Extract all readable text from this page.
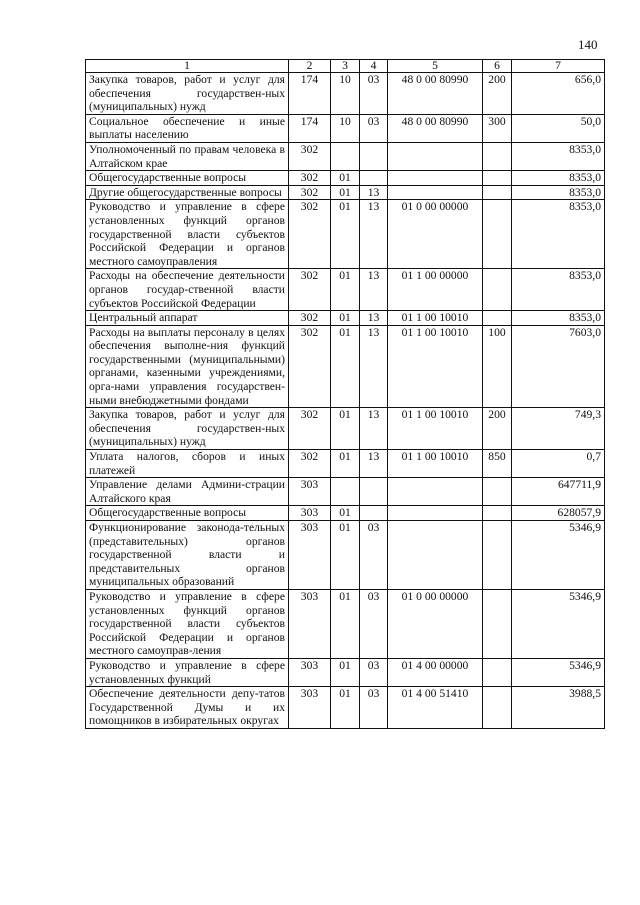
140
1	2	3	4	5	6	7
Закупка товаров, работ и услуг для обеспечения государствен-ных (муниципальных) нужд	174	10	03	48 0 00 80990	200	656,0
Социальное обеспечение и иные выплаты населению	174	10	03	48 0 00 80990	300	50,0
Уполномоченный по правам человека в Алтайском крае	302					8353,0
Общегосударственные вопросы	302	01				8353,0
Другие общегосударственные вопросы	302	01	13			8353,0
Руководство и управление в сфере установленных функций органов государственной власти субъектов Российской Федерации и органов местного самоуправления	302	01	13	01 0 00 00000		8353,0
Расходы на обеспечение деятельности органов государ-ственной власти субъектов Российской Федерации	302	01	13	01 1 00 00000		8353,0
Центральный аппарат	302	01	13	01 1 00 10010		8353,0
Расходы на выплаты персоналу в целях обеспечения выполне-ния функций государственными (муниципальными) органами, казенными учреждениями, орга-нами управления государствен-ными внебюджетными фондами	302	01	13	01 1 00 10010	100	7603,0
Закупка товаров, работ и услуг для обеспечения государствен-ных (муниципальных) нужд	302	01	13	01 1 00 10010	200	749,3
Уплата налогов, сборов и иных платежей	302	01	13	01 1 00 10010	850	0,7
Управление делами Админи-страции Алтайского края	303					647711,9
Общегосударственные вопросы	303	01				628057,9
Функционирование законода-тельных (представительных) органов государственной власти и представительных органов муниципальных образований	303	01	03			5346,9
Руководство и управление в сфере установленных функций органов государственной власти субъектов Российской Федерации и органов местного самоуправ-ления	303	01	03	01 0 00 00000		5346,9
Руководство и управление в сфере установленных функций	303	01	03	01 4 00 00000		5346,9
Обеспечение деятельности депу-татов Государственной Думы и их помощников в избирательных округах	303	01	03	01 4 00 51410		3988,5
